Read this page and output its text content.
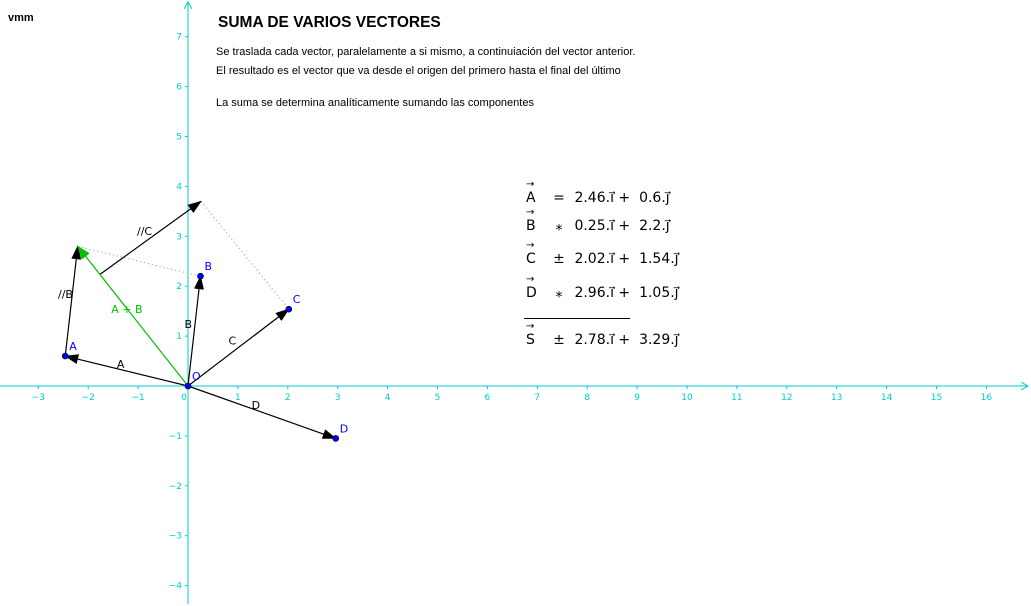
−3	−2	−1	0	1	2	3	4	5	6	7	8	9	10	11	12	13	14	15	16
−4
−3
−2
−1
1
2
3
4
5
6
7
A
B
C
D
//B
//C
A + B
O
A
B
C
D
vmm	SUMA DE VARIOS VECTORES
Se traslada cada vector, paralelamente a si mismo, a continuiación del vector anterior.
El resultado es el vector que va desde el origen del primero hasta el final del último
La suma se determina analíticamente sumando las componentes
→ A = 2.46.i⃗ + 0.6.j⃗
→ B ⁎ 0.25.i⃗ + 2.2.j⃗
→ C ± 2.02.i⃗ + 1.54.j⃗
→ D ⁎ 2.96.i⃗ + 1.05.j⃗
→ S ± 2.78.i⃗ + 3.29.j⃗
